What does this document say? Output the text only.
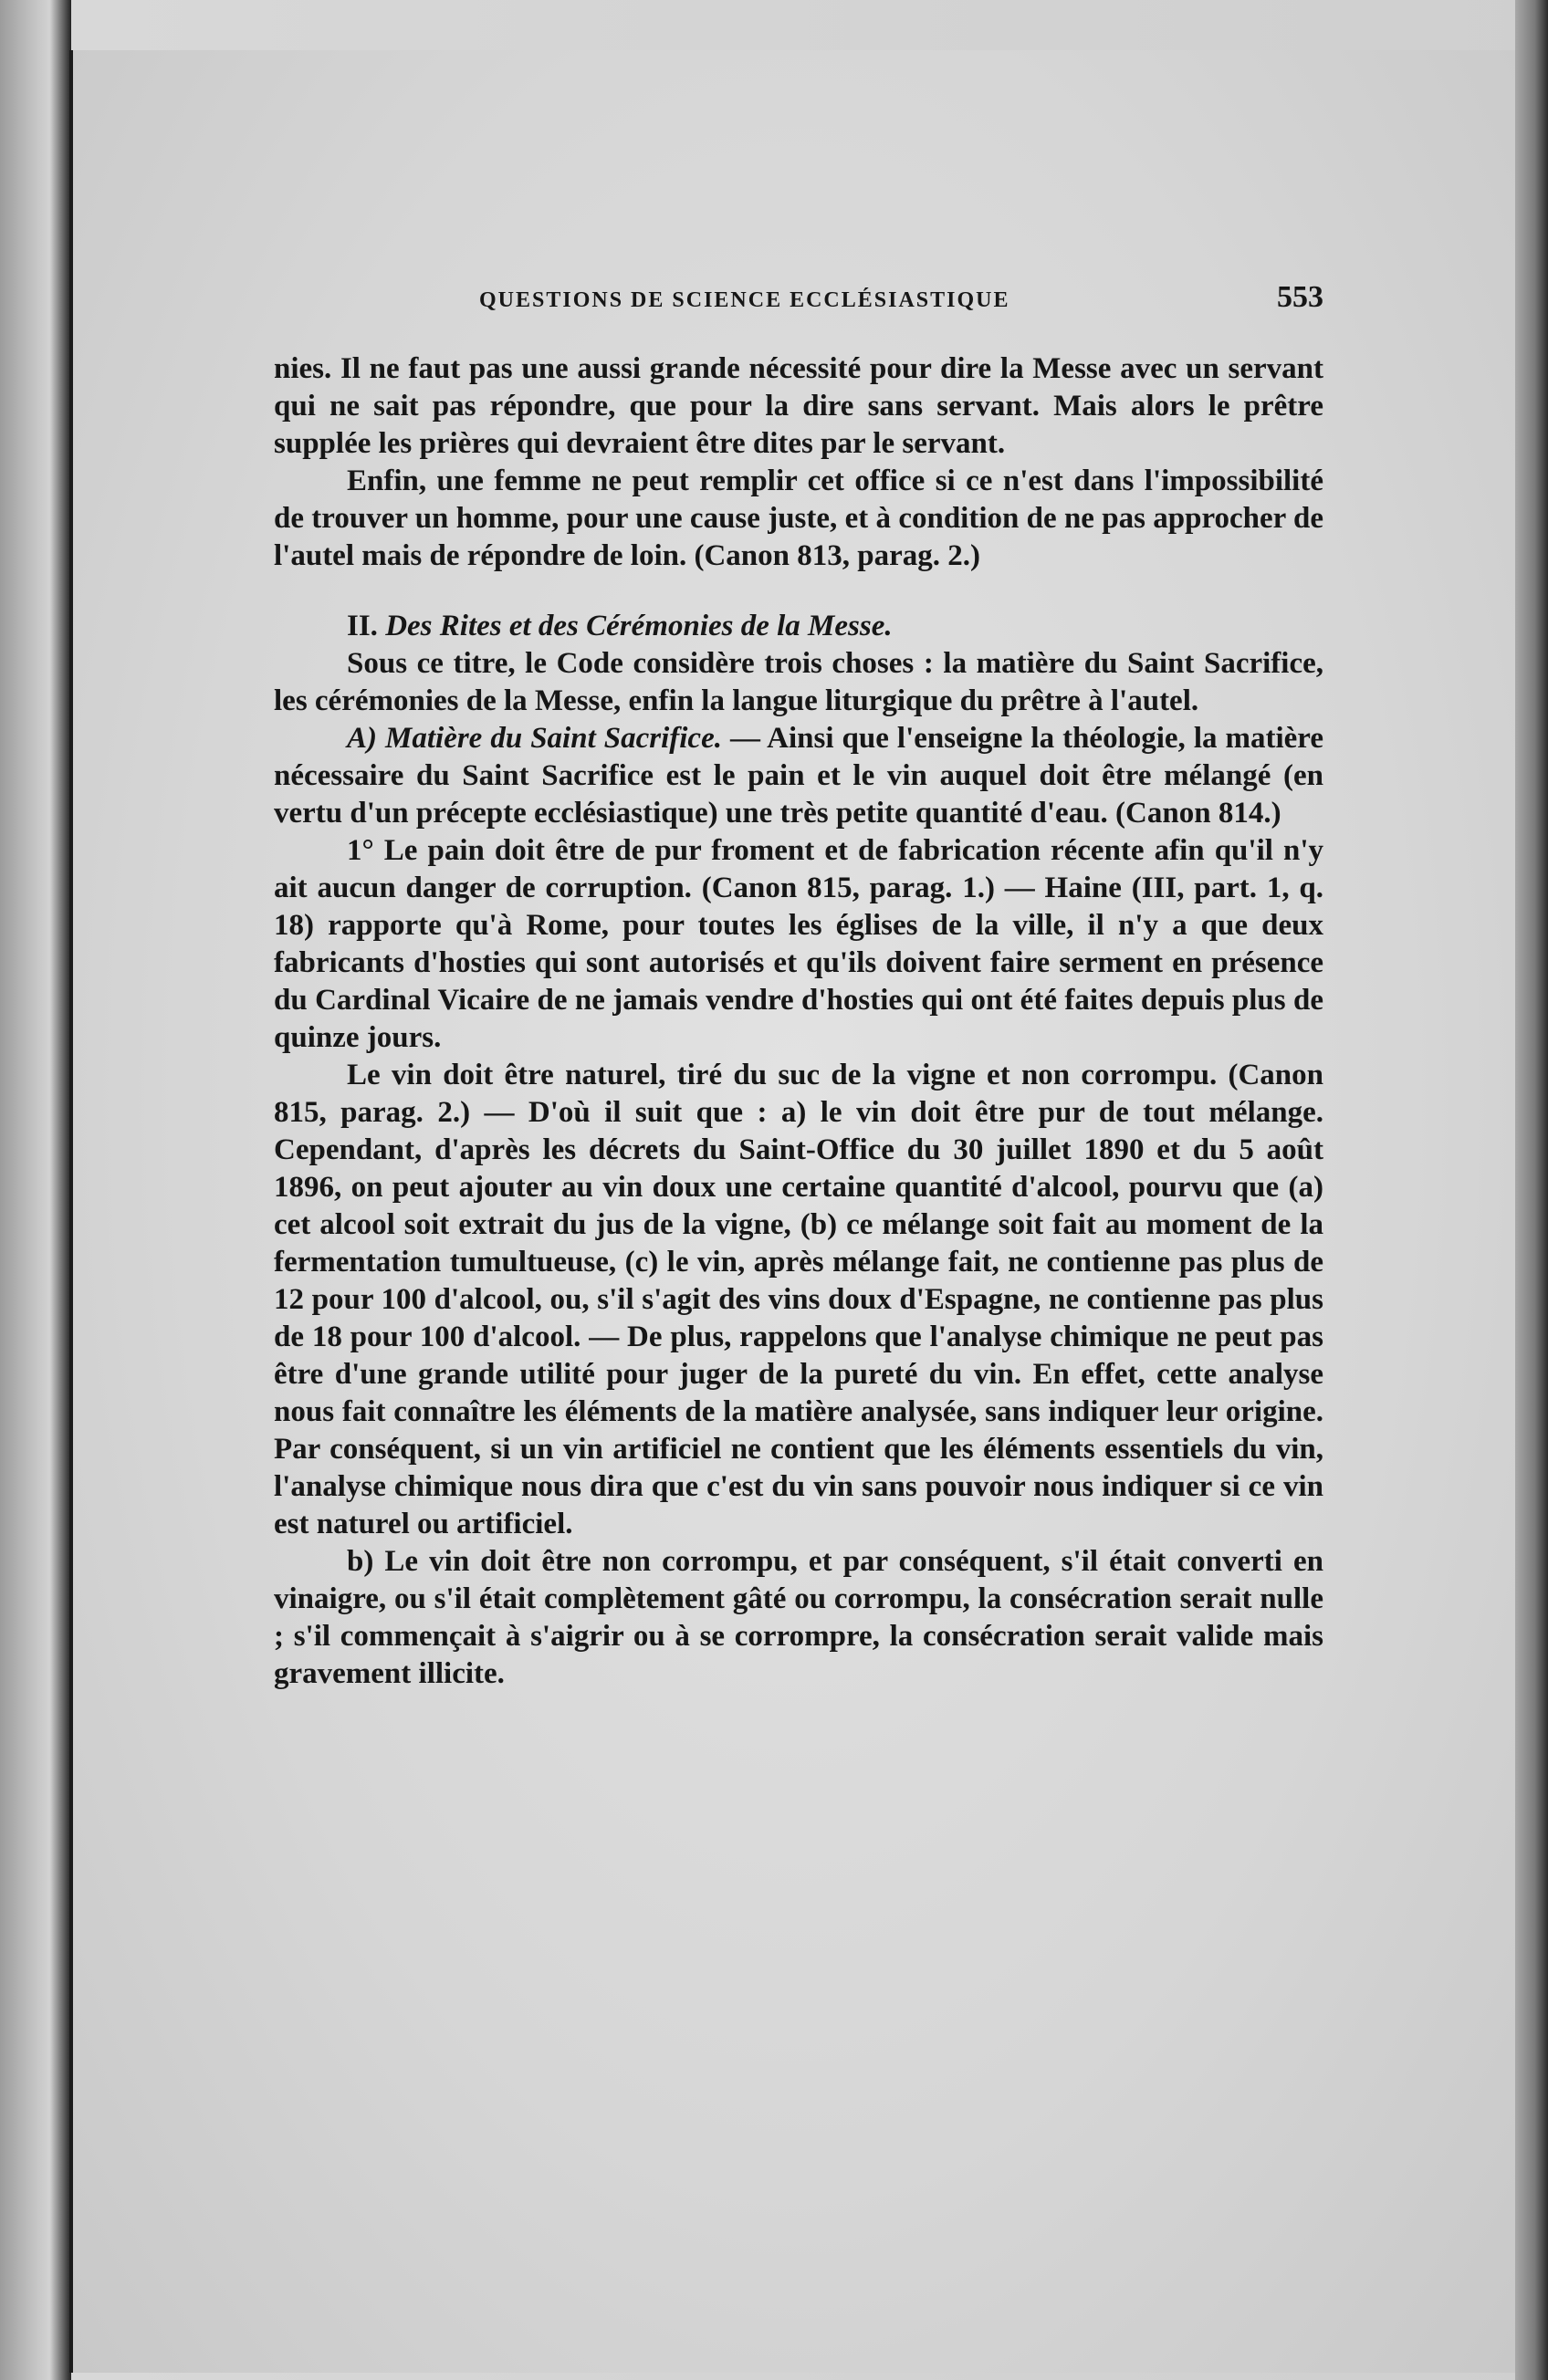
QUESTIONS DE SCIENCE ECCLÉSIASTIQUE	553

nies. Il ne faut pas une aussi grande nécessité pour dire la Messe avec un servant qui ne sait pas répondre, que pour la dire sans servant. Mais alors le prêtre supplée les prières qui devraient être dites par le servant.

Enfin, une femme ne peut remplir cet office si ce n'est dans l'impossibilité de trouver un homme, pour une cause juste, et à condition de ne pas approcher de l'autel mais de répondre de loin. (Canon 813, parag. 2.)

II. Des Rites et des Cérémonies de la Messe.

Sous ce titre, le Code considère trois choses : la matière du Saint Sacrifice, les cérémonies de la Messe, enfin la langue liturgique du prêtre à l'autel.

A) Matière du Saint Sacrifice. — Ainsi que l'enseigne la théologie, la matière nécessaire du Saint Sacrifice est le pain et le vin auquel doit être mélangé (en vertu d'un précepte ecclésiastique) une très petite quantité d'eau. (Canon 814.)

1° Le pain doit être de pur froment et de fabrication récente afin qu'il n'y ait aucun danger de corruption. (Canon 815, parag. 1.) — Haine (III, part. 1, q. 18) rapporte qu'à Rome, pour toutes les églises de la ville, il n'y a que deux fabricants d'hosties qui sont autorisés et qu'ils doivent faire serment en présence du Cardinal Vicaire de ne jamais vendre d'hosties qui ont été faites depuis plus de quinze jours.

Le vin doit être naturel, tiré du suc de la vigne et non corrompu. (Canon 815, parag. 2.) — D'où il suit que : a) le vin doit être pur de tout mélange. Cependant, d'après les décrets du Saint-Office du 30 juillet 1890 et du 5 août 1896, on peut ajouter au vin doux une certaine quantité d'alcool, pourvu que (a) cet alcool soit extrait du jus de la vigne, (b) ce mélange soit fait au moment de la fermentation tumultueuse, (c) le vin, après mélange fait, ne contienne pas plus de 12 pour 100 d'alcool, ou, s'il s'agit des vins doux d'Espagne, ne contienne pas plus de 18 pour 100 d'alcool. — De plus, rappelons que l'analyse chimique ne peut pas être d'une grande utilité pour juger de la pureté du vin. En effet, cette analyse nous fait connaître les éléments de la matière analysée, sans indiquer leur origine. Par conséquent, si un vin artificiel ne contient que les éléments essentiels du vin, l'analyse chimique nous dira que c'est du vin sans pouvoir nous indiquer si ce vin est naturel ou artificiel.

b) Le vin doit être non corrompu, et par conséquent, s'il était converti en vinaigre, ou s'il était complètement gâté ou corrompu, la consécration serait nulle ; s'il commençait à s'aigrir ou à se corrompre, la consécration serait valide mais gravement illicite.
